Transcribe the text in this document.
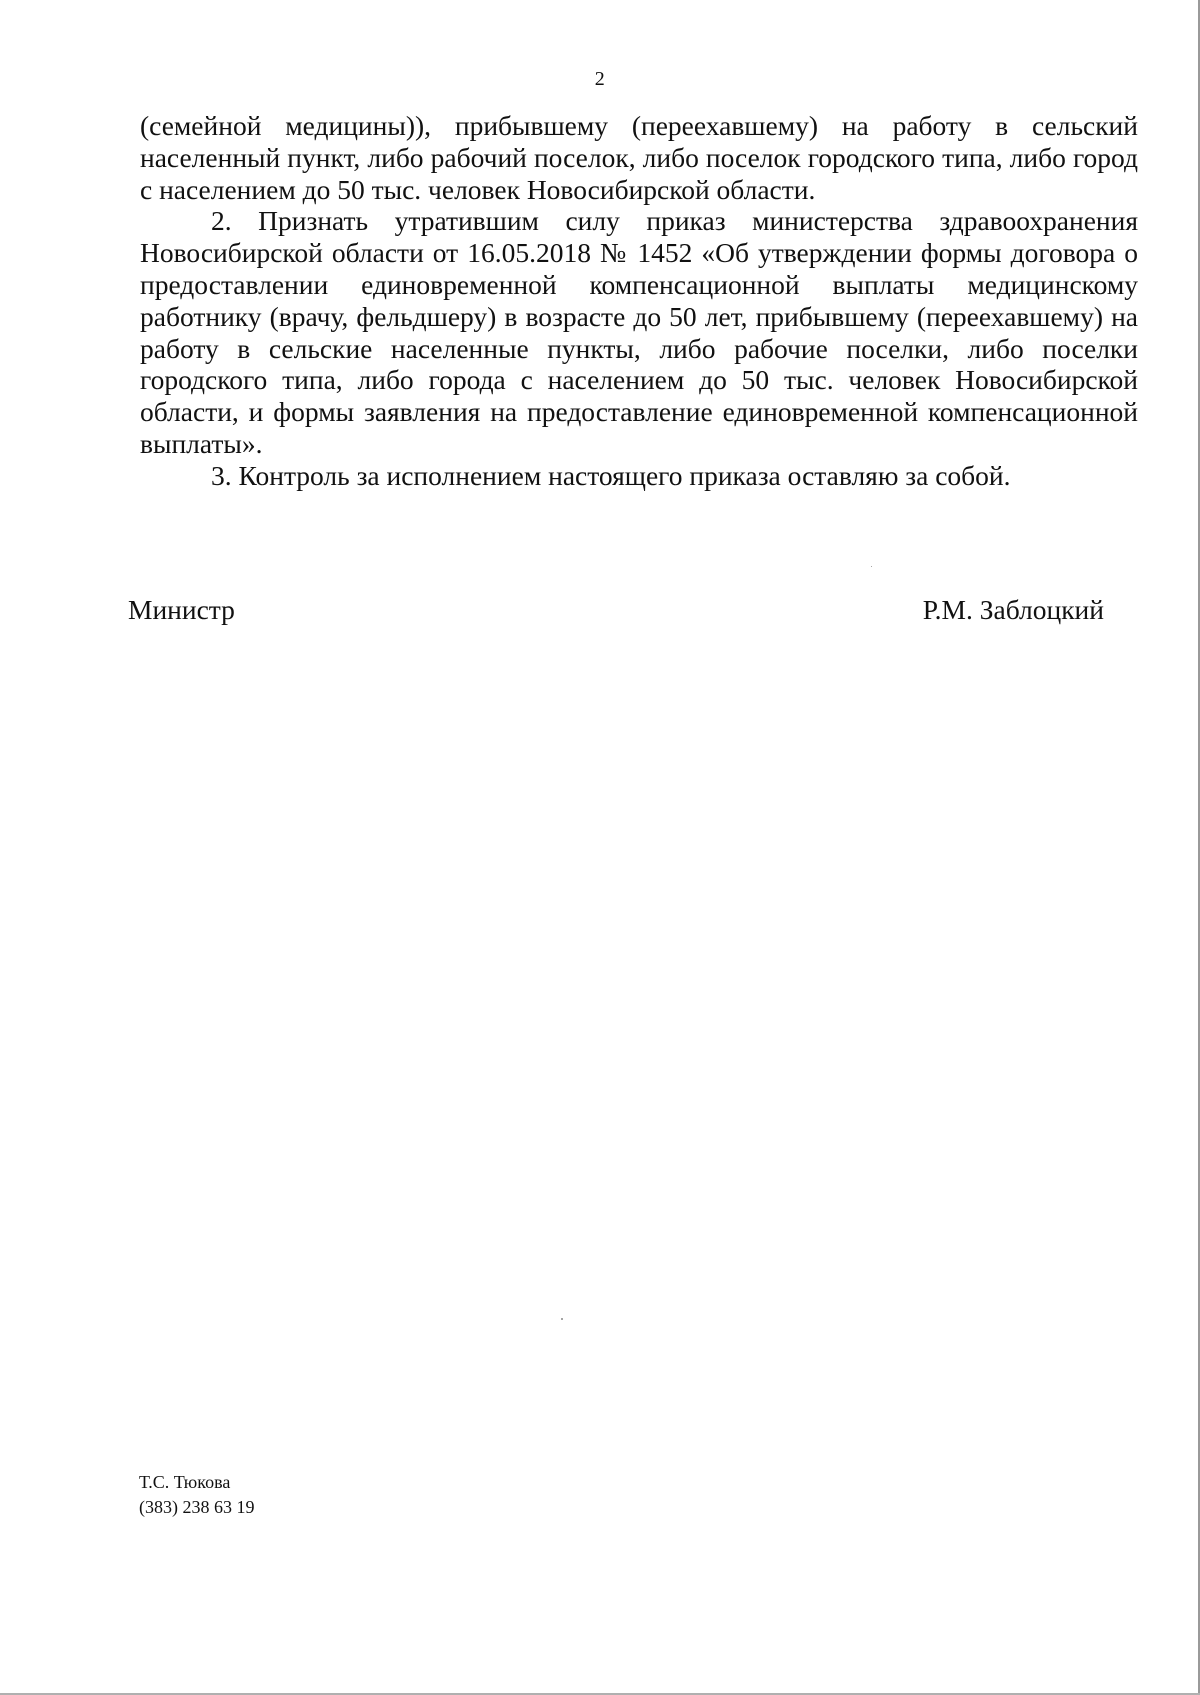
2

(семейной медицины)), прибывшему (переехавшему) на работу в сельский населенный пункт, либо рабочий поселок, либо поселок городского типа, либо город с населением до 50 тыс. человек Новосибирской области.

2. Признать утратившим силу приказ министерства здравоохранения Новосибирской области от 16.05.2018 № 1452 «Об утверждении формы договора о предоставлении единовременной компенсационной выплаты медицинскому работнику (врачу, фельдшеру) в возрасте до 50 лет, прибывшему (переехавшему) на работу в сельские населенные пункты, либо рабочие поселки, либо поселки городского типа, либо города с населением до 50 тыс. человек Новосибирской области, и формы заявления на предоставление единовременной компенсационной выплаты».

3. Контроль за исполнением настоящего приказа оставляю за собой.

Министр	Р.М. Заблоцкий
Т.С. Тюкова
(383) 238 63 19
